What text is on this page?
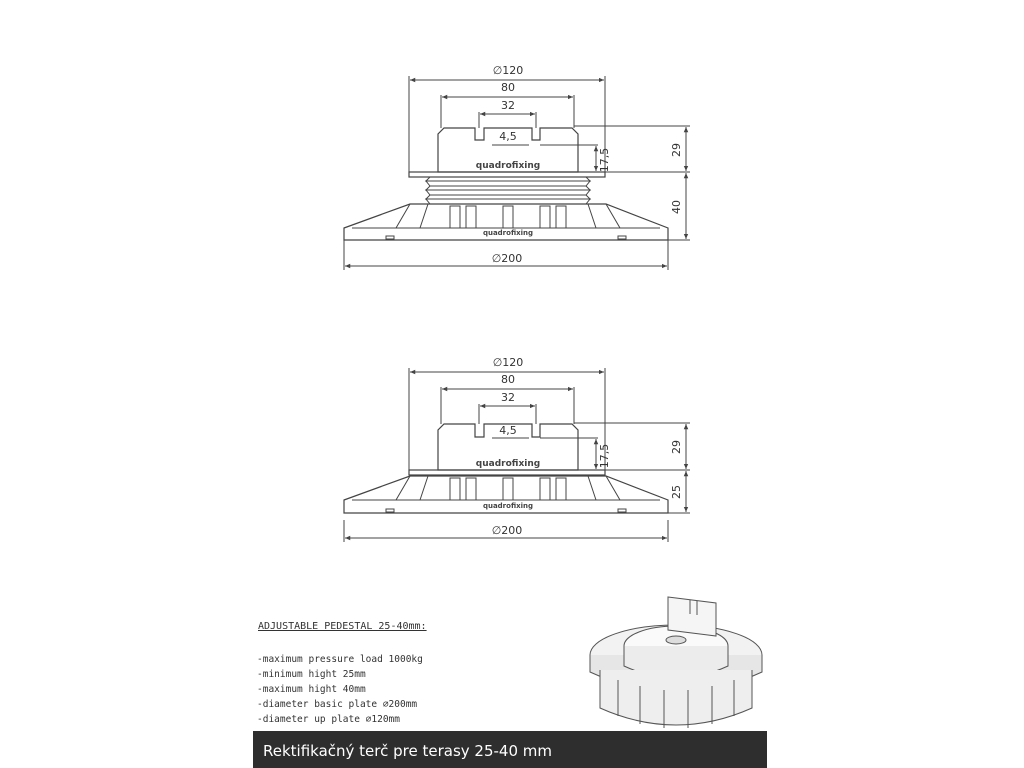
∅120
80
32
4,5
17,5	29
40
∅200
quadrofixing
quadrofixing
∅120
80
32
4,5
17,5	29
25
∅200
quadrofixing
quadrofixing
ADJUSTABLE PEDESTAL 25-40mm:
-maximum pressure load 1000kg
-minimum hight 25mm
-maximum hight 40mm
-diameter basic plate ∅200mm
-diameter up plate ∅120mm
Rektifikačný terč pre terasy 25-40 mm
